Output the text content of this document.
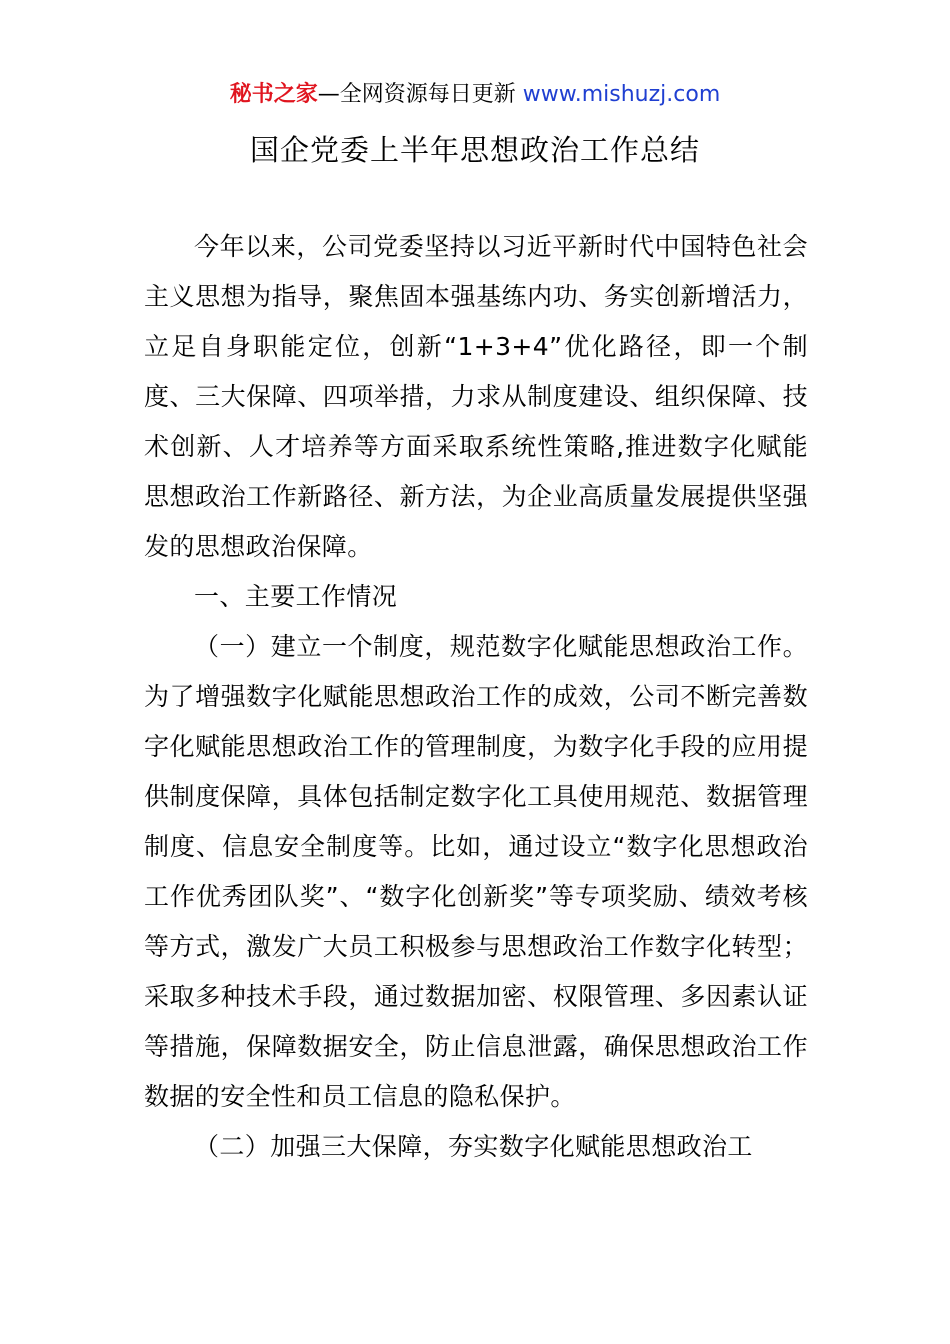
秘书之家—全网资源每日更新 www.mishuzj.com
国企党委上半年思想政治工作总结

今年以来，公司党委坚持以习近平新时代中国特色社会主义思想为指导，聚焦固本强基练内功、务实创新增活力，立足自身职能定位，创新“1+3+4”优化路径，即一个制度、三大保障、四项举措，力求从制度建设、组织保障、技术创新、人才培养等方面采取系统性策略,推进数字化赋能思想政治工作新路径、新方法，为企业高质量发展提供坚强发的思想政治保障。

一、主要工作情况

（一）建立一个制度，规范数字化赋能思想政治工作。为了增强数字化赋能思想政治工作的成效，公司不断完善数字化赋能思想政治工作的管理制度，为数字化手段的应用提供制度保障，具体包括制定数字化工具使用规范、数据管理制度、信息安全制度等。比如，通过设立“数字化思想政治工作优秀团队奖”、“数字化创新奖”等专项奖励、绩效考核等方式，激发广大员工积极参与思想政治工作数字化转型；采取多种技术手段，通过数据加密、权限管理、多因素认证等措施，保障数据安全，防止信息泄露，确保思想政治工作数据的安全性和员工信息的隐私保护。

（二）加强三大保障，夯实数字化赋能思想政治工
